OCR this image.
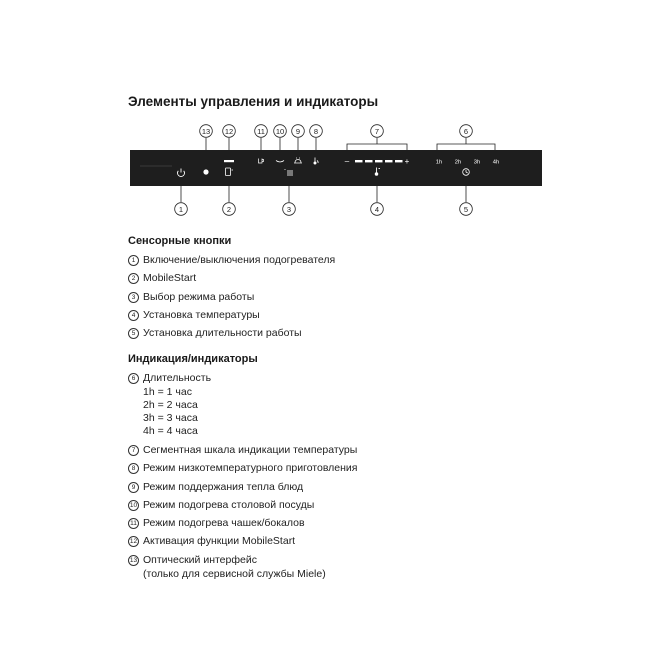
Элементы управления и индикаторы
–	+	1h 2h 3h 4h
13 12	11 10 9 8	7	6
1	2	3	4	5
Сенсорные кнопки
1 Включение/выключения подогревателя
2 MobileStart
3 Выбор режима работы
4 Установка температуры
5 Установка длительности работы
Индикация/индикаторы
6 Длительность
1h = 1 час
2h = 2 часа
3h = 3 часа
4h = 4 часа
7 Сегментная шкала индикации температуры
8 Режим низкотемпературного приготовления
9 Режим поддержания тепла блюд
10 Режим подогрева столовой посуды
11 Режим подогрева чашек/бокалов
12 Активация функции MobileStart
13 Оптический интерфейс
(только для сервисной службы Miele)
